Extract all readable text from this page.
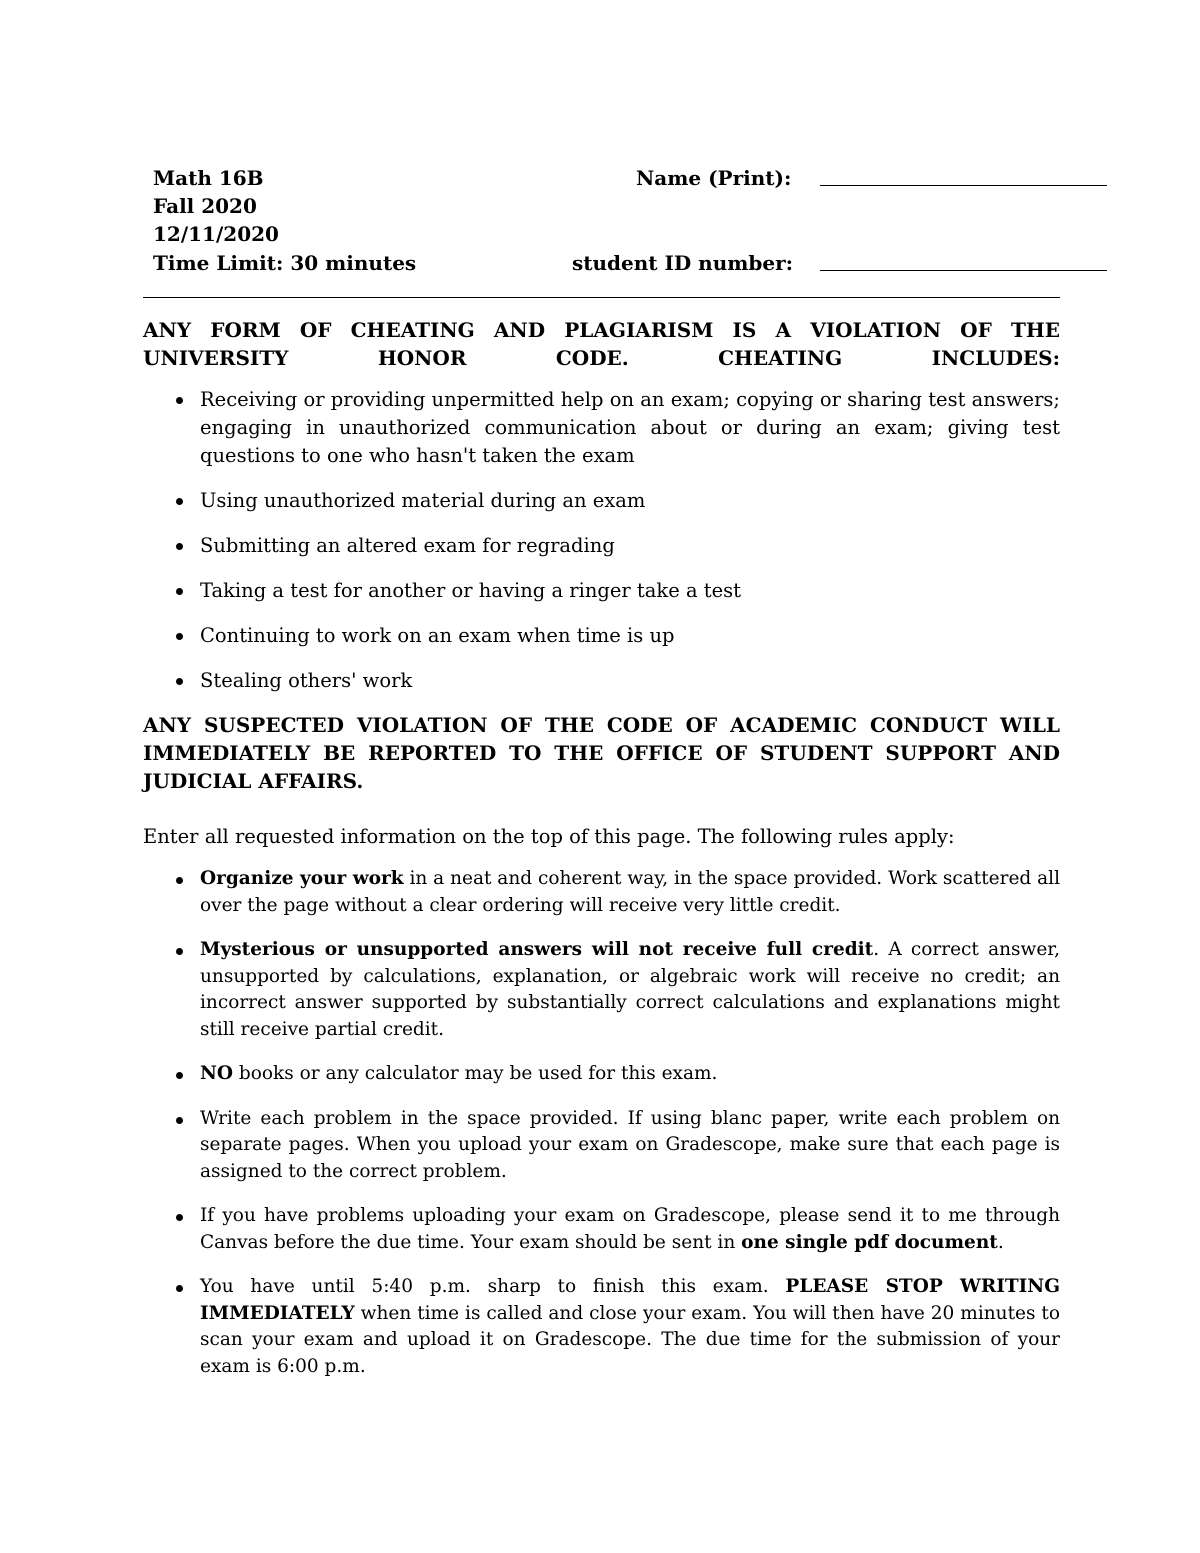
Math 16B
Fall 2020
12/11/2020
Time Limit: 30 minutes
Name (Print):
student ID number:
ANY FORM OF CHEATING AND PLAGIARISM IS A VIOLATION OF THE UNIVERSITY HONOR CODE. CHEATING INCLUDES:
Receiving or providing unpermitted help on an exam; copying or sharing test answers; engaging in unauthorized communication about or during an exam; giving test questions to one who hasn't taken the exam
Using unauthorized material during an exam
Submitting an altered exam for regrading
Taking a test for another or having a ringer take a test
Continuing to work on an exam when time is up
Stealing others' work
ANY SUSPECTED VIOLATION OF THE CODE OF ACADEMIC CONDUCT WILL IMMEDIATELY BE REPORTED TO THE OFFICE OF STUDENT SUPPORT AND JUDICIAL AFFAIRS.
Enter all requested information on the top of this page. The following rules apply:
Organize your work in a neat and coherent way, in the space provided. Work scattered all over the page without a clear ordering will receive very little credit.
Mysterious or unsupported answers will not receive full credit. A correct answer, unsupported by calculations, explanation, or algebraic work will receive no credit; an incorrect answer supported by substantially correct calculations and explanations might still receive partial credit.
NO books or any calculator may be used for this exam.
Write each problem in the space provided. If using blanc paper, write each problem on separate pages. When you upload your exam on Gradescope, make sure that each page is assigned to the correct problem.
If you have problems uploading your exam on Gradescope, please send it to me through Canvas before the due time. Your exam should be sent in one single pdf document.
You have until 5:40 p.m. sharp to finish this exam. PLEASE STOP WRITING IMMEDIATELY when time is called and close your exam. You will then have 20 minutes to scan your exam and upload it on Gradescope. The due time for the submission of your exam is 6:00 p.m.
